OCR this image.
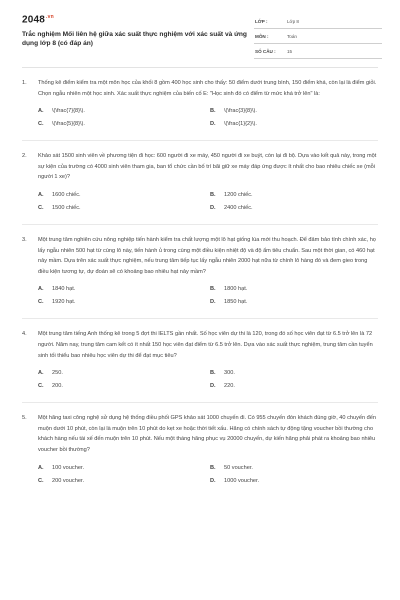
$2048^{.vn}$
Trắc nghiệm Mối liên hệ giữa xác suất thực nghiệm với xác suất và ứng dụng lớp 8 (có đáp án)
LỚP :	Lớp 8
MÔN :	Toán
SỐ CÂU :	15
1. Thống kê điểm kiểm tra một môn học của khối 8 gồm 400 học sinh cho thấy: 50 điểm dưới trung bình, 150 điểm khá, còn lại là điểm giỏi. Chọn ngẫu nhiên một học sinh. Xác suất thực nghiệm của biến cố E: "Học sinh đó có điểm từ mức khá trở lên" là:
A.	\(\frac{7}{8}\).	B.	\(\frac{3}{8}\).
C.	\(\frac{5}{8}\).	D.	\(\frac{1}{2}\).
2. Khảo sát 1500 sinh viên về phương tiện đi học: 600 người đi xe máy, 450 người đi xe buýt, còn lại đi bộ. Dựa vào kết quả này, trong một sự kiện của trường có 4000 sinh viên tham gia, ban tổ chức cần bố trí bãi giữ xe máy đáp ứng được ít nhất cho bao nhiêu chiếc xe (mỗi người 1 xe)?
A.	1600 chiếc.	B.	1200 chiếc.
C.	1500 chiếc.	D.	2400 chiếc.
3. Một trung tâm nghiên cứu nông nghiệp tiến hành kiểm tra chất lượng một lô hạt giống lúa mới thu hoạch. Để đảm bảo tính chính xác, họ lấy ngẫu nhiên 500 hạt từ cùng lô này, tiến hành ủ trong cùng một điều kiện nhiệt độ và độ ẩm tiêu chuẩn. Sau một thời gian, có 460 hạt nảy mầm. Dựa trên xác suất thực nghiệm, nếu trung tâm tiếp tục lấy ngẫu nhiên 2000 hạt nữa từ chính lô hàng đó và đem gieo trong điều kiện tương tự, dự đoán sẽ có khoảng bao nhiêu hạt nảy mầm?
A.	1840 hạt.	B.	1800 hạt.
C.	1920 hạt.	D.	1850 hạt.
4. Một trung tâm tiếng Anh thống kê trong 5 đợt thi IELTS gần nhất. Số học viên dự thi là 120, trong đó số học viên đạt từ 6.5 trở lên là 72 người. Năm nay, trung tâm cam kết có ít nhất 150 học viên đạt điểm từ 6.5 trở lên. Dựa vào xác suất thực nghiệm, trung tâm cần tuyển sinh tối thiểu bao nhiêu học viên dự thi để đạt mục tiêu?
A.	250.	B.	300.
C.	200.	D.	220.
5. Một hãng taxi công nghệ sử dụng hệ thống điều phối GPS khảo sát 1000 chuyến đi. Có 955 chuyến đón khách đúng giờ, 40 chuyến đến muộn dưới 10 phút, còn lại là muộn trên 10 phút do kẹt xe hoặc thời tiết xấu. Hãng có chính sách tự động tặng voucher bồi thường cho khách hàng nếu tài xế đến muộn trên 10 phút. Nếu một tháng hãng phục vụ 20000 chuyến, dự kiến hãng phải phát ra khoảng bao nhiêu voucher bồi thường?
A.	100 voucher.	B.	50 voucher.
C.	200 voucher.	D.	1000 voucher.
